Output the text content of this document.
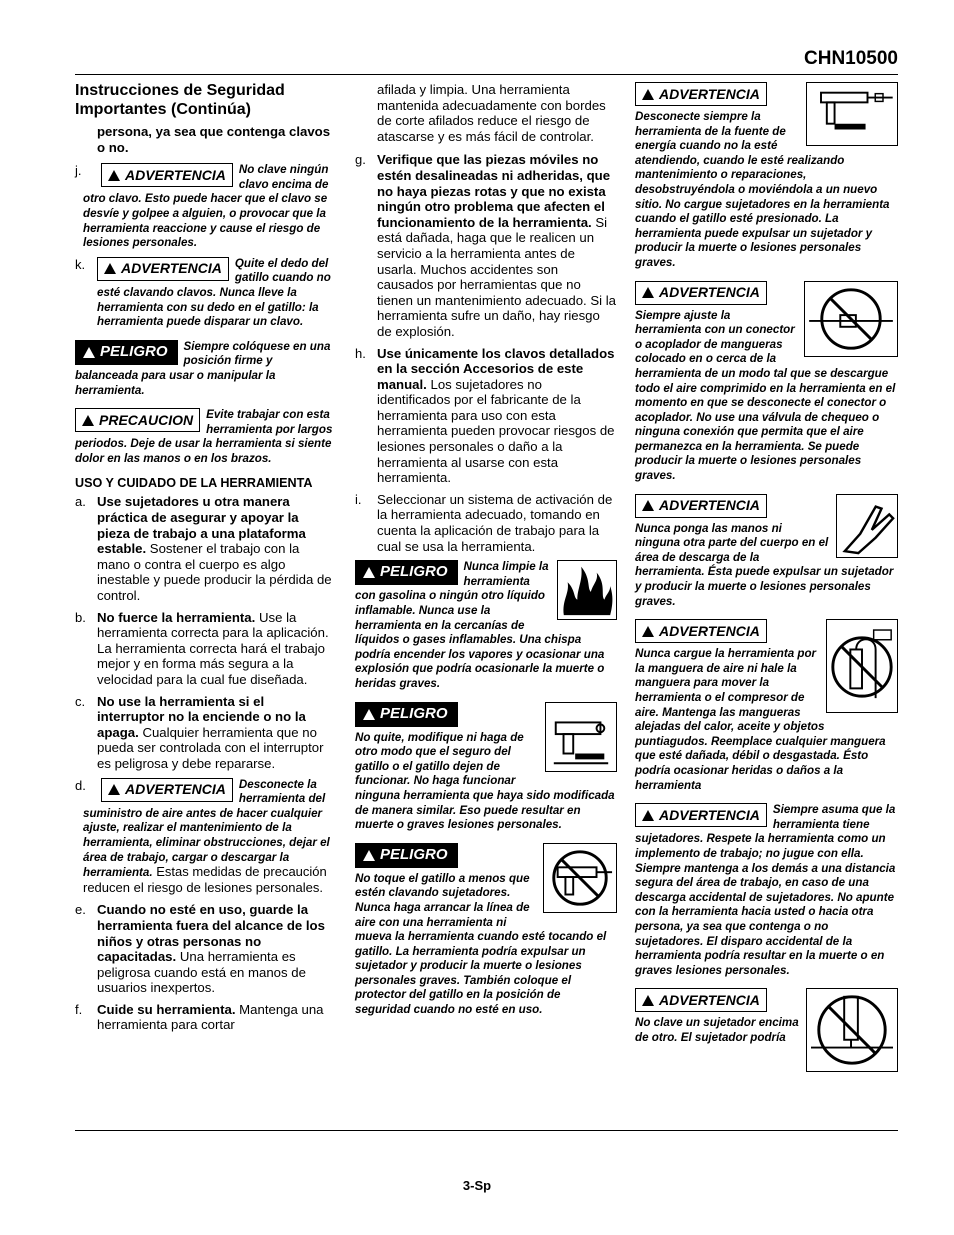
CHN10500
Instrucciones de Seguridad Importantes (Continúa)
persona, ya sea que contenga clavos o no.
j.	ADVERTENCIA No clave ningún clavo encima de otro clavo. Esto puede hacer que el clavo se desvíe y golpee a alguien, o provocar que la herramienta reaccione y cause el riesgo de lesiones personales.
k.	ADVERTENCIA Quite el dedo del gatillo cuando no esté clavando clavos. Nunca lleve la herramienta con su dedo en el gatillo: la herramienta puede disparar un clavo.
PELIGRO Siempre colóquese en una posición firme y balanceada para usar o manipular la herramienta.
PRECAUCION Evite trabajar con esta herramienta por largos periodos. Deje de usar la herramienta si siente dolor en las manos o en los brazos.
USO Y CUIDADO DE LA HERRAMIENTA
a. Use sujetadores u otra manera práctica de asegurar y apoyar la pieza de trabajo a una plataforma estable. Sostener el trabajo con la mano o contra el cuerpo es algo inestable y puede producir la pérdida de control.
b. No fuerce la herramienta. Use la herramienta correcta para la aplicación. La herramienta correcta hará el trabajo mejor y en forma más segura a la velocidad para la cual fue diseñada.
c. No use la herramienta si el interruptor no la enciende o no la apaga. Cualquier herramienta que no pueda ser controlada con el interruptor es peligrosa y debe repararse.
d.	ADVERTENCIA Desconecte la herramienta del suministro de aire antes de hacer cualquier ajuste, realizar el mantenimiento de la herramienta, eliminar obstrucciones, dejar el área de trabajo, cargar o descargar la herramienta. Estas medidas de precaución reducen el riesgo de lesiones personales.
e. Cuando no esté en uso, guarde la herramienta fuera del alcance de los niños y otras personas no capacitadas. Una herramienta es peligrosa cuando está en manos de usuarios inexpertos.
f. Cuide su herramienta. Mantenga una herramienta para cortar
afilada y limpia. Una herramienta mantenida adecuadamente con bordes de corte afilados reduce el riesgo de atascarse y es más fácil de controlar.
g. Verifique que las piezas móviles no estén desalineadas ni adheridas, que no haya piezas rotas y que no exista ningún otro problema que afecten el funcionamiento de la herramienta. Si está dañada, haga que le realicen un servicio a la herramienta antes de usarla. Muchos accidentes son causados por herramientas que no tienen un mantenimiento adecuado. Si la herramienta sufre un daño, hay riesgo de explosión.
h. Use únicamente los clavos detallados en la sección Accesorios de este manual. Los sujetadores no identificados por el fabricante de la herramienta para uso con esta herramienta pueden provocar riesgos de lesiones personales o daño a la herramienta al usarse con esta herramienta.
i. Seleccionar un sistema de activación de la herramienta adecuado, tomando en cuenta la aplicación de trabajo para la cual se usa la herramienta.
PELIGRO Nunca limpie la herramienta con gasolina o ningún otro líquido inflamable. Nunca use la herramienta en la cercanías de líquidos o gases inflamables. Una chispa podría encender los vapores y ocasionar una explosión que podría ocasionarle la muerte o heridas graves.
PELIGRO
No quite, modifique ni haga de otro modo que el seguro del gatillo o el gatillo dejen de funcionar. No haga funcionar ninguna herramienta que haya sido modificada de manera similar. Eso puede resultar en muerte o graves lesiones personales.
PELIGRO
No toque el gatillo a menos que estén clavando sujetadores. Nunca haga arrancar la línea de aire con una herramienta ni mueva la herramienta cuando esté tocando el gatillo. La herramienta podría expulsar un sujetador y producir la muerte o lesiones personales graves. También coloque el protector del gatillo en la posición de seguridad cuando no esté en uso.
ADVERTENCIA
Desconecte siempre la herramienta de la fuente de energía cuando no la esté atendiendo, cuando le esté realizando mantenimiento o reparaciones, desobstruyéndola o moviéndola a un nuevo sitio. No cargue sujetadores en la herramienta cuando el gatillo esté presionado. La herramienta puede expulsar un sujetador y producir la muerte o lesiones personales graves.
ADVERTENCIA
Siempre ajuste la herramienta con un conector o acoplador de mangueras colocado en o cerca de la herramienta de un modo tal que se descargue todo el aire comprimido en la herramienta en el momento en que se desconecte el conector o acoplador. No use una válvula de chequeo o ninguna conexión que permita que el aire permanezca en la herramienta. Se puede producir la muerte o lesiones personales graves.
ADVERTENCIA
Nunca ponga las manos ni ninguna otra parte del cuerpo en el área de descarga de la herramienta. Ésta puede expulsar un sujetador y producir la muerte o lesiones personales graves.
ADVERTENCIA
Nunca cargue la herramienta por la manguera de aire ni hale la manguera para mover la herramienta o el compresor de aire. Mantenga las mangueras alejadas del calor, aceite y objetos puntiagudos. Reemplace cualquier manguera que esté dañada, débil o desgastada. Ésto podría ocasionar heridas o daños a la herramienta
ADVERTENCIA Siempre asuma que la herramienta tiene sujetadores. Respete la herramienta como un implemento de trabajo; no jugue con ella. Siempre mantenga a los demás a una distancia segura del área de trabajo, en caso de una descarga accidental de sujetadores. No apunte con la herramienta hacia usted o hacia otra persona, ya sea que contenga o no sujetadores. El disparo accidental de la herramienta podría resultar en la muerte o en graves lesiones personales.
ADVERTENCIA
No clave un sujetador encima de otro. El sujetador podría
3-Sp
